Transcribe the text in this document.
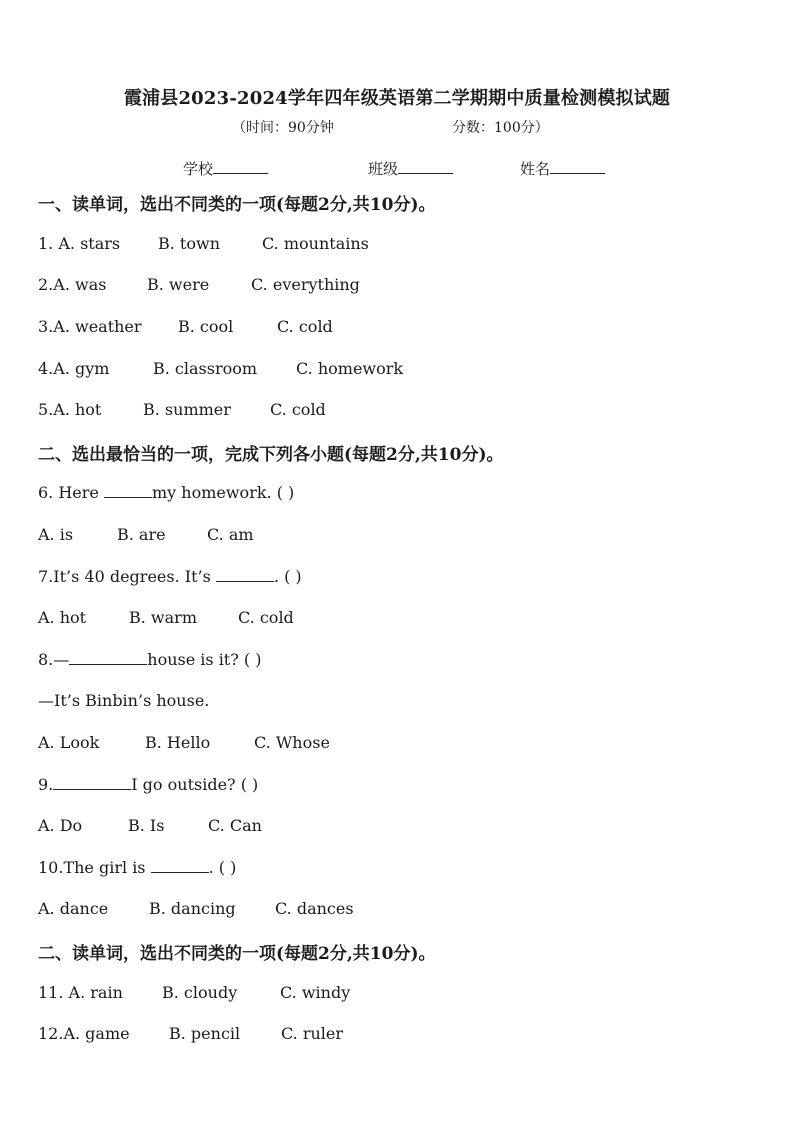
霞浦县2023-2024学年四年级英语第二学期期中质量检测模拟试题
（时间：90分钟	分数：100分）
学校	班级	姓名
一、读单词，选出不同类的一项(每题2分,共10分)。
1. A. stars B. town	C. mountains
2.A. was	B. were	C. everything
3.A. weather B. cool	C. cold
4.A. gym	B. classroom C. homework
5.A. hot	B. summer C. cold
二、选出最恰当的一项，完成下列各小题(每题2分,共10分)。
6. Here	my homework. ( )
A. is	B. are	C. am
7.It’s 40 degrees. It’s	. ( )
A. hot	B. warm	C. cold
8.—	house is it? ( )
—It’s Binbin’s house.
A. Look	B. Hello	C. Whose
9.	I go outside? ( )
A. Do	B. Is	C. Can
10.The girl is	. ( )
A. dance	B. dancing C. dances
二、读单词，选出不同类的一项(每题2分,共10分)。
11. A. rain B. cloudy	C. windy
12.A. game B. pencil	C. ruler
